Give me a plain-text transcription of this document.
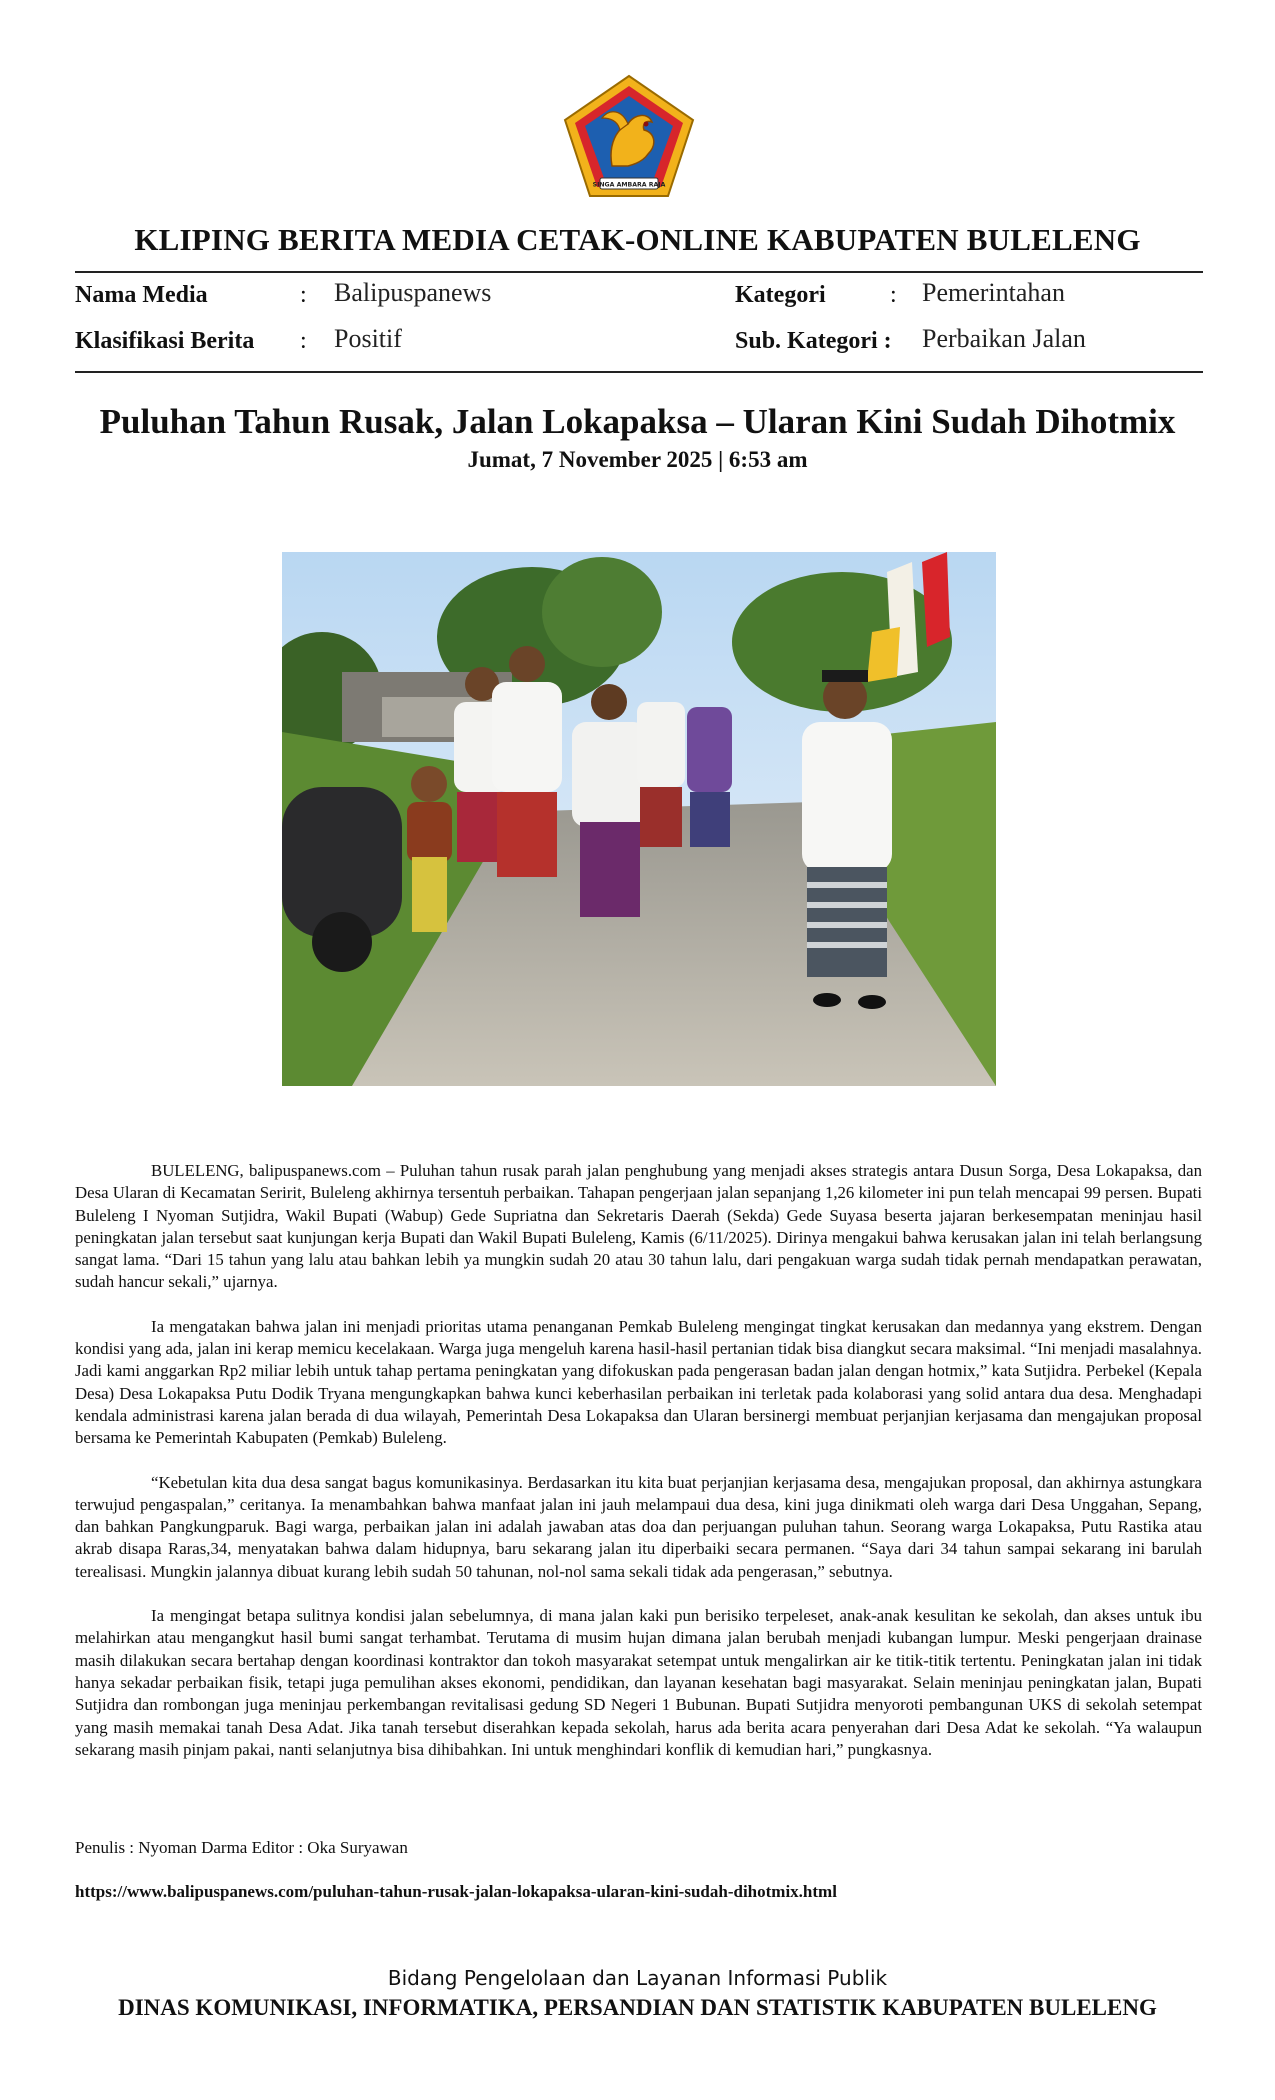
SINGA AMBARA RAJA
KLIPING BERITA MEDIA CETAK-ONLINE KABUPATEN BULELENG
Nama Media	: Balipuspanews	Kategori	: Pemerintahan
Klasifikasi Berita : Positif	Sub. Kategori : Perbaikan Jalan
Puluhan Tahun Rusak, Jalan Lokapaksa – Ularan Kini Sudah Dihotmix
Jumat, 7 November 2025 | 6:53 am

BULELENG, balipuspanews.com – Puluhan tahun rusak parah jalan penghubung yang menjadi akses strategis antara Dusun Sorga, Desa Lokapaksa, dan Desa Ularan di Kecamatan Seririt, Buleleng akhirnya tersentuh perbaikan. Tahapan pengerjaan jalan sepanjang 1,26 kilometer ini pun telah mencapai 99 persen. Bupati Buleleng I Nyoman Sutjidra, Wakil Bupati (Wabup) Gede Supriatna dan Sekretaris Daerah (Sekda) Gede Suyasa beserta jajaran berkesempatan meninjau hasil peningkatan jalan tersebut saat kunjungan kerja Bupati dan Wakil Bupati Buleleng, Kamis (6/11/2025). Dirinya mengakui bahwa kerusakan jalan ini telah berlangsung sangat lama. “Dari 15 tahun yang lalu atau bahkan lebih ya mungkin sudah 20 atau 30 tahun lalu, dari pengakuan warga sudah tidak pernah mendapatkan perawatan, sudah hancur sekali,” ujarnya.

Ia mengatakan bahwa jalan ini menjadi prioritas utama penanganan Pemkab Buleleng mengingat tingkat kerusakan dan medannya yang ekstrem. Dengan kondisi yang ada, jalan ini kerap memicu kecelakaan. Warga juga mengeluh karena hasil-hasil pertanian tidak bisa diangkut secara maksimal. “Ini menjadi masalahnya. Jadi kami anggarkan Rp2 miliar lebih untuk tahap pertama peningkatan yang difokuskan pada pengerasan badan jalan dengan hotmix,” kata Sutjidra. Perbekel (Kepala Desa) Desa Lokapaksa Putu Dodik Tryana mengungkapkan bahwa kunci keberhasilan perbaikan ini terletak pada kolaborasi yang solid antara dua desa. Menghadapi kendala administrasi karena jalan berada di dua wilayah, Pemerintah Desa Lokapaksa dan Ularan bersinergi membuat perjanjian kerjasama dan mengajukan proposal bersama ke Pemerintah Kabupaten (Pemkab) Buleleng.

“Kebetulan kita dua desa sangat bagus komunikasinya. Berdasarkan itu kita buat perjanjian kerjasama desa, mengajukan proposal, dan akhirnya astungkara terwujud pengaspalan,” ceritanya. Ia menambahkan bahwa manfaat jalan ini jauh melampaui dua desa, kini juga dinikmati oleh warga dari Desa Unggahan, Sepang, dan bahkan Pangkungparuk. Bagi warga, perbaikan jalan ini adalah jawaban atas doa dan perjuangan puluhan tahun. Seorang warga Lokapaksa, Putu Rastika atau akrab disapa Raras,34, menyatakan bahwa dalam hidupnya, baru sekarang jalan itu diperbaiki secara permanen. “Saya dari 34 tahun sampai sekarang ini barulah terealisasi. Mungkin jalannya dibuat kurang lebih sudah 50 tahunan, nol-nol sama sekali tidak ada pengerasan,” sebutnya.

Ia mengingat betapa sulitnya kondisi jalan sebelumnya, di mana jalan kaki pun berisiko terpeleset, anak-anak kesulitan ke sekolah, dan akses untuk ibu melahirkan atau mengangkut hasil bumi sangat terhambat. Terutama di musim hujan dimana jalan berubah menjadi kubangan lumpur. Meski pengerjaan drainase masih dilakukan secara bertahap dengan koordinasi kontraktor dan tokoh masyarakat setempat untuk mengalirkan air ke titik-titik tertentu. Peningkatan jalan ini tidak hanya sekadar perbaikan fisik, tetapi juga pemulihan akses ekonomi, pendidikan, dan layanan kesehatan bagi masyarakat. Selain meninjau peningkatan jalan, Bupati Sutjidra dan rombongan juga meninjau perkembangan revitalisasi gedung SD Negeri 1 Bubunan. Bupati Sutjidra menyoroti pembangunan UKS di sekolah setempat yang masih memakai tanah Desa Adat. Jika tanah tersebut diserahkan kepada sekolah, harus ada berita acara penyerahan dari Desa Adat ke sekolah. “Ya walaupun sekarang masih pinjam pakai, nanti selanjutnya bisa dihibahkan. Ini untuk menghindari konflik di kemudian hari,” pungkasnya.

Penulis : Nyoman Darma Editor : Oka Suryawan
https://www.balipuspanews.com/puluhan-tahun-rusak-jalan-lokapaksa-ularan-kini-sudah-dihotmix.html
Bidang Pengelolaan dan Layanan Informasi Publik
DINAS KOMUNIKASI, INFORMATIKA, PERSANDIAN DAN STATISTIK KABUPATEN BULELENG
